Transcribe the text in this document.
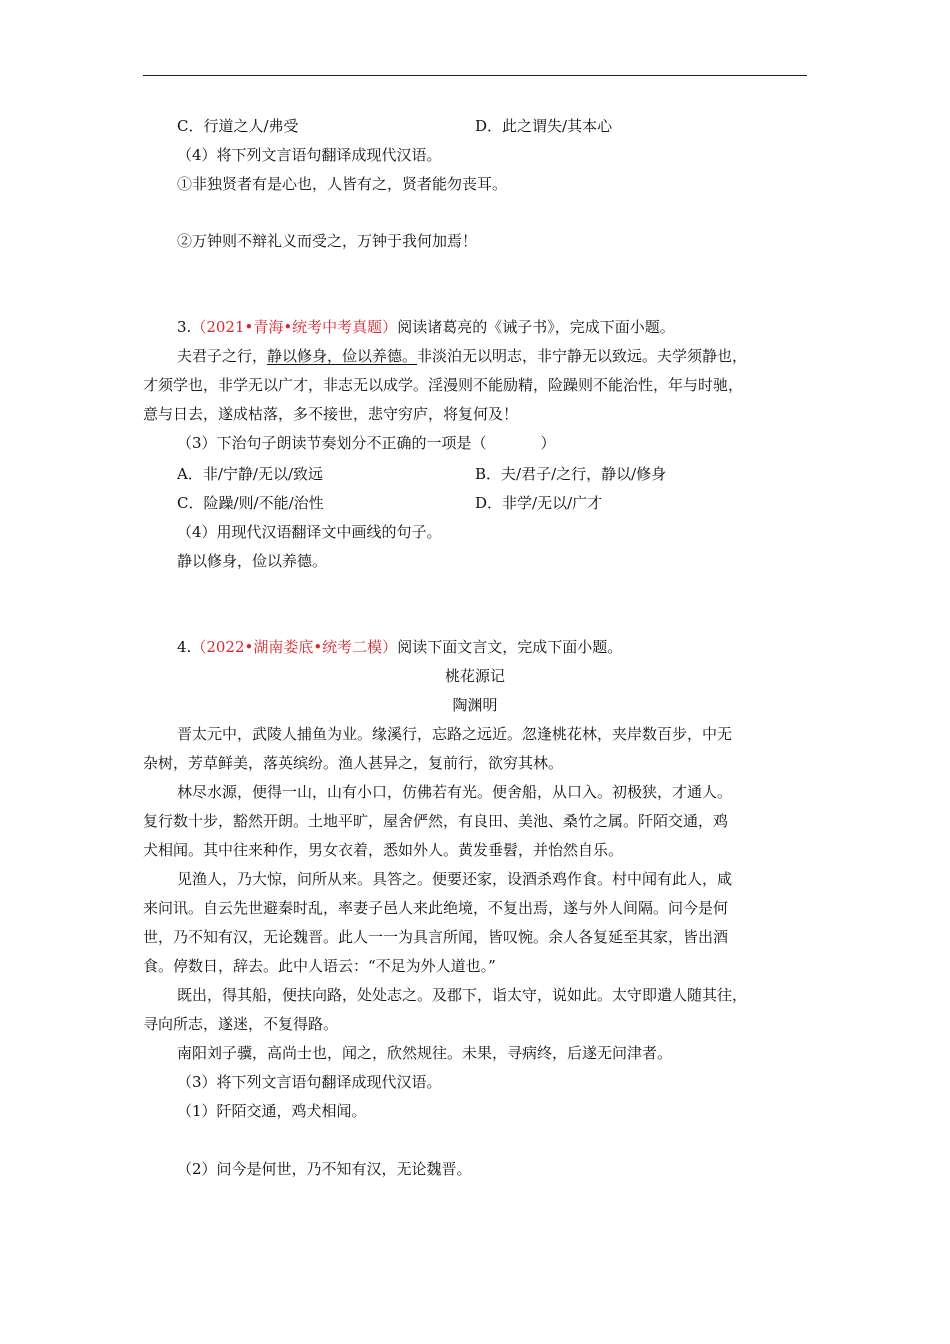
C．行道之人/弗受	D．此之谓失/其本心
（4）将下列文言语句翻译成现代汉语。
①非独贤者有是心也，人皆有之，贤者能勿丧耳。
②万钟则不辩礼义而受之，万钟于我何加焉！
3.（2021•青海•统考中考真题）阅读诸葛亮的《诫子书》，完成下面小题。
夫君子之行，静以修身，俭以养德。非淡泊无以明志，非宁静无以致远。夫学须静也，
才须学也，非学无以广才，非志无以成学。淫漫则不能励精，险躁则不能治性，年与时驰，
意与日去，遂成枯落，多不接世，悲守穷庐，将复何及！
（3）下治句子朗读节奏划分不正确的一项是（	）
A．非/宁静/无以/致远	B．夫/君子/之行，静以/修身
C．险躁/则/不能/治性	D．非学/无以/广才
（4）用现代汉语翻译文中画线的句子。
静以修身，俭以养德。
4.（2022•湖南娄底•统考二模）阅读下面文言文，完成下面小题。
桃花源记
陶渊明
晋太元中，武陵人捕鱼为业。缘溪行，忘路之远近。忽逢桃花林，夹岸数百步，中无
杂树，芳草鲜美，落英缤纷。渔人甚异之，复前行，欲穷其林。
林尽水源，便得一山，山有小口，仿佛若有光。便舍船，从口入。初极狭，才通人。
复行数十步，豁然开朗。土地平旷，屋舍俨然，有良田、美池、桑竹之属。阡陌交通，鸡
犬相闻。其中往来种作，男女衣着，悉如外人。黄发垂髫，并怡然自乐。
见渔人，乃大惊，问所从来。具答之。便要还家，设酒杀鸡作食。村中闻有此人，咸
来问讯。自云先世避秦时乱，率妻子邑人来此绝境，不复出焉，遂与外人间隔。问今是何
世，乃不知有汉，无论魏晋。此人一一为具言所闻，皆叹惋。余人各复延至其家，皆出酒
食。停数日，辞去。此中人语云：“不足为外人道也。”
既出，得其船，便扶向路，处处志之。及郡下，诣太守，说如此。太守即遣人随其往，
寻向所志，遂迷，不复得路。
南阳刘子骥，高尚士也，闻之，欣然规往。未果，寻病终，后遂无问津者。
（3）将下列文言语句翻译成现代汉语。
（1）阡陌交通，鸡犬相闻。
（2）问今是何世，乃不知有汉，无论魏晋。
